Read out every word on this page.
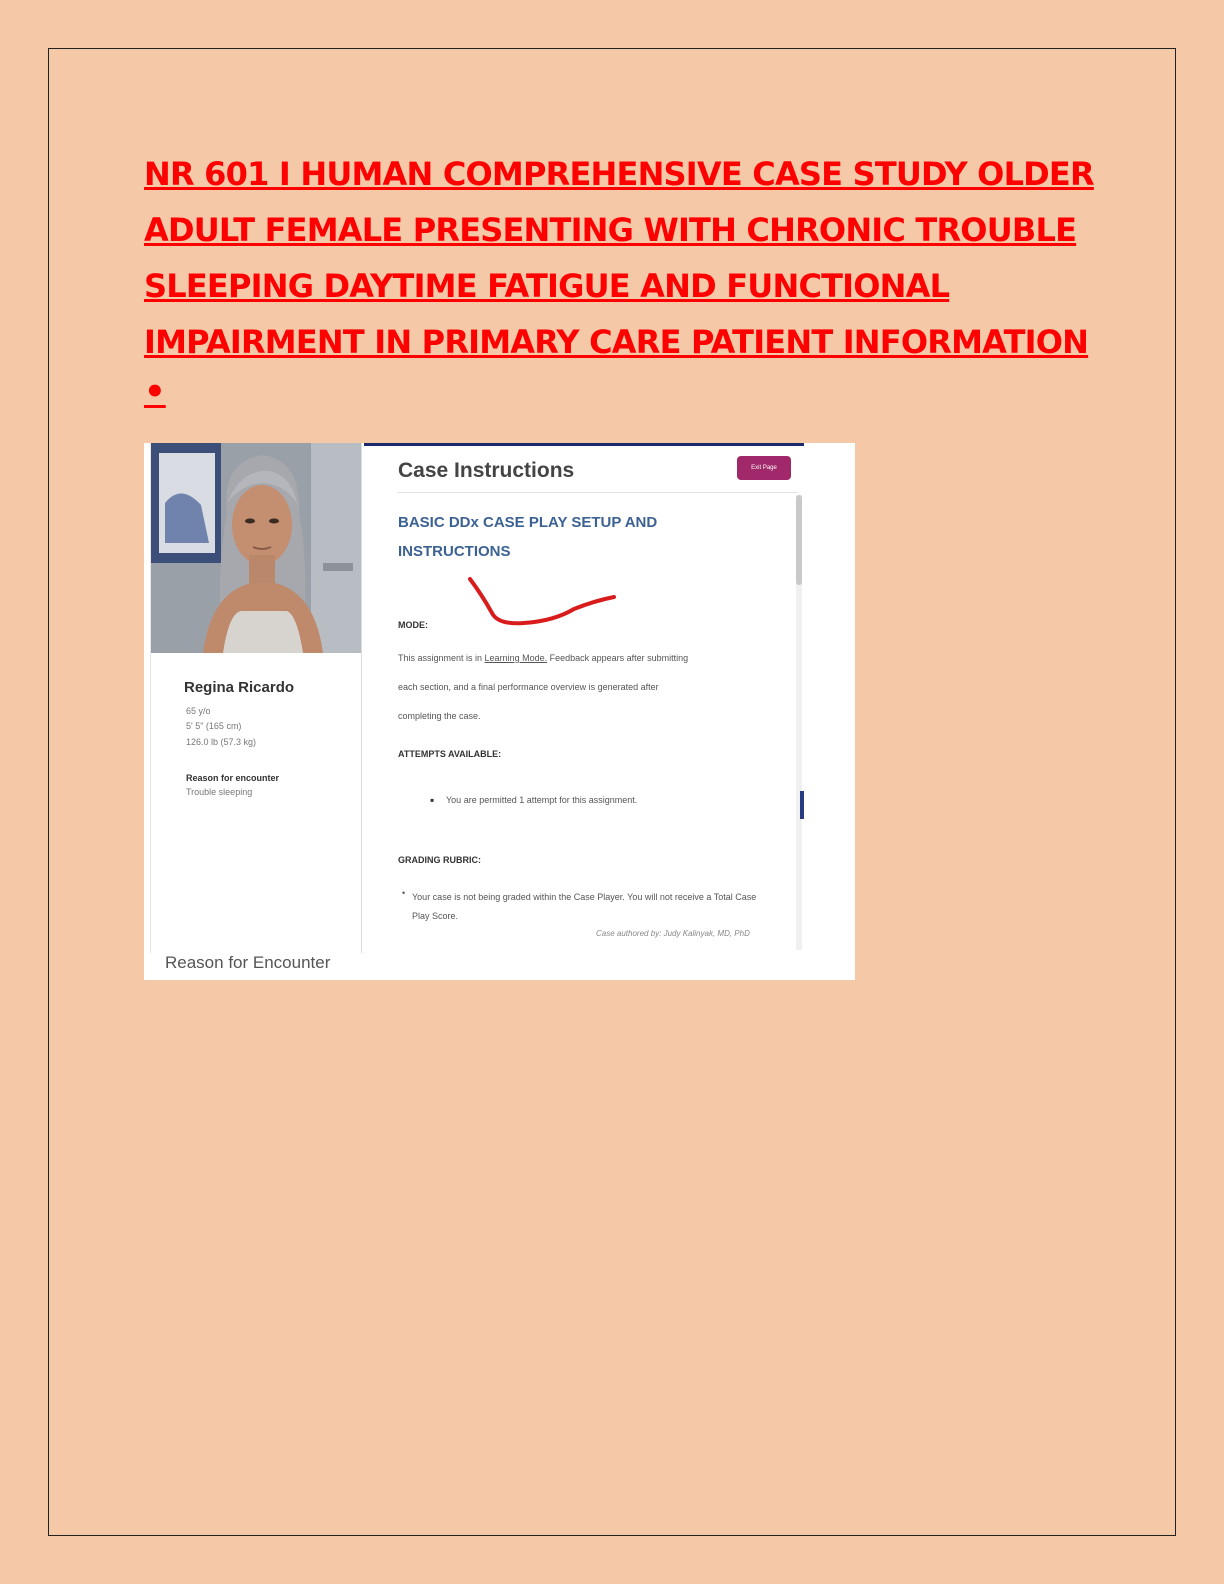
NR 601 I HUMAN COMPREHENSIVE CASE STUDY OLDER ADULT FEMALE PRESENTING WITH CHRONIC TROUBLE SLEEPING DAYTIME FATIGUE AND FUNCTIONAL IMPAIRMENT IN PRIMARY CARE PATIENT INFORMATION
•
Regina Ricardo
65 y/o
5' 5" (165 cm)
126.0 lb (57.3 kg)
Reason for encounter
Trouble sleeping
Case Instructions	Exit Page
BASIC DDx CASE PLAY SETUP AND INSTRUCTIONS
MODE:
This assignment is in Learning Mode. Feedback appears after submitting
each section, and a final performance overview is generated after
completing the case.
ATTEMPTS AVAILABLE:
▪ You are permitted 1 attempt for this assignment.
GRADING RUBRIC:
• Your case is not being graded within the Case Player. You will not receive a Total Case Play Score.
Case authored by: Judy Kalinyak, MD, PhD
Reason for Encounter
